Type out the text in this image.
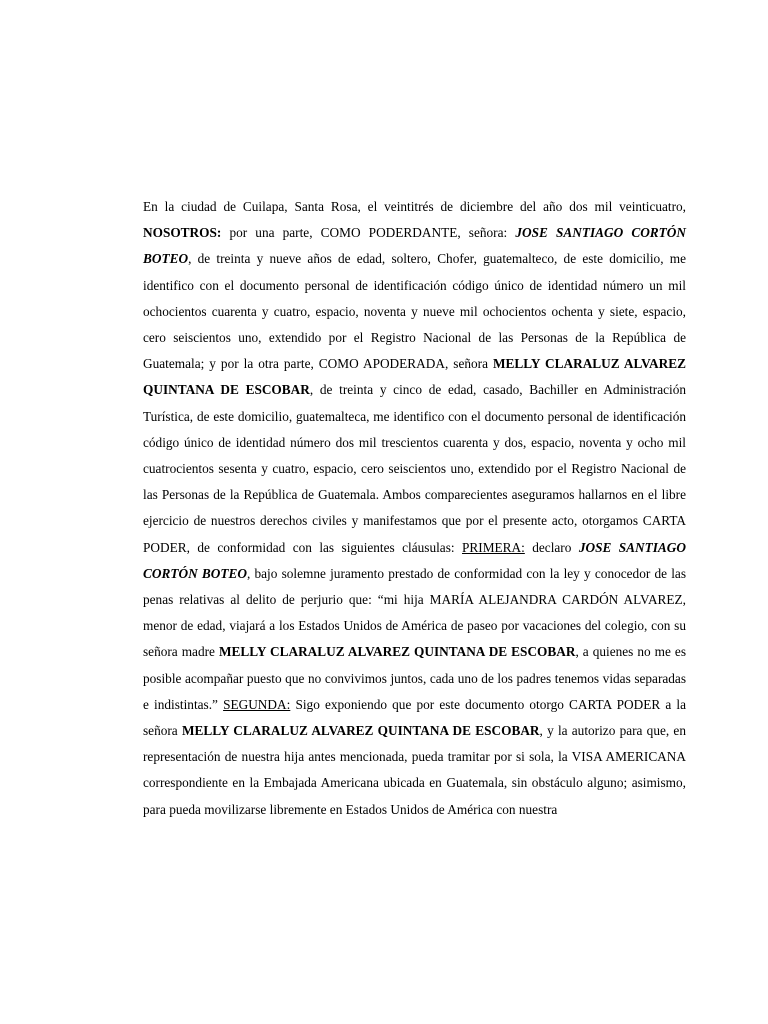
En la ciudad de Cuilapa, Santa Rosa, el veintitrés de diciembre del año dos mil veinticuatro, NOSOTROS: por una parte, COMO PODERDANTE, señora: JOSE SANTIAGO CORTÓN BOTEO, de treinta y nueve años de edad, soltero, Chofer, guatemalteco, de este domicilio, me identifico con el documento personal de identificación código único de identidad número un mil ochocientos cuarenta y cuatro, espacio, noventa y nueve mil ochocientos ochenta y siete, espacio, cero seiscientos uno, extendido por el Registro Nacional de las Personas de la República de Guatemala; y por la otra parte, COMO APODERADA, señora MELLY CLARALUZ ALVAREZ QUINTANA DE ESCOBAR, de treinta y cinco de edad, casado, Bachiller en Administración Turística, de este domicilio, guatemalteca, me identifico con el documento personal de identificación código único de identidad número dos mil trescientos cuarenta y dos, espacio, noventa y ocho mil cuatrocientos sesenta y cuatro, espacio, cero seiscientos uno, extendido por el Registro Nacional de las Personas de la República de Guatemala. Ambos comparecientes aseguramos hallarnos en el libre ejercicio de nuestros derechos civiles y manifestamos que por el presente acto, otorgamos CARTA PODER, de conformidad con las siguientes cláusulas: PRIMERA: declaro JOSE SANTIAGO CORTÓN BOTEO, bajo solemne juramento prestado de conformidad con la ley y conocedor de las penas relativas al delito de perjurio que: “mi hija MARÍA ALEJANDRA CARDÓN ALVAREZ, menor de edad, viajará a los Estados Unidos de América de paseo por vacaciones del colegio, con su señora madre MELLY CLARALUZ ALVAREZ QUINTANA DE ESCOBAR, a quienes no me es posible acompañar puesto que no convivimos juntos, cada uno de los padres tenemos vidas separadas e indistintas.” SEGUNDA: Sigo exponiendo que por este documento otorgo CARTA PODER a la señora MELLY CLARALUZ ALVAREZ QUINTANA DE ESCOBAR, y la autorizo para que, en representación de nuestra hija antes mencionada, pueda tramitar por si sola, la VISA AMERICANA correspondiente en la Embajada Americana ubicada en Guatemala, sin obstáculo alguno; asimismo, para pueda movilizarse libremente en Estados Unidos de América con nuestra
